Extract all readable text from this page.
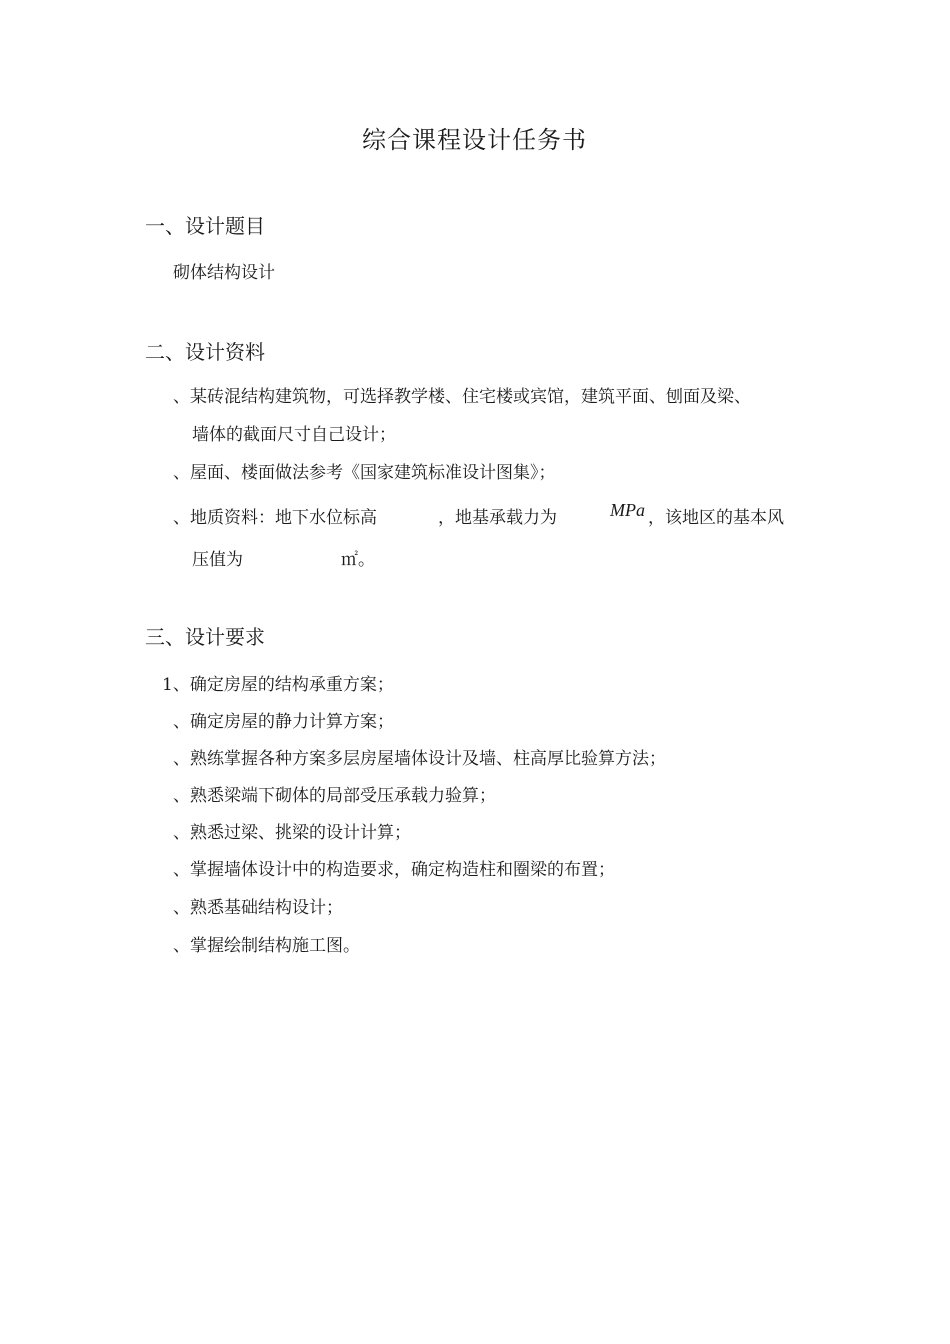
综合课程设计任务书
一、设计题目
砌体结构设计
二、设计资料
、某砖混结构建筑物，可选择教学楼、住宅楼或宾馆，建筑平面、刨面及梁、
墙体的截面尺寸自己设计；
、屋面、楼面做法参考《国家建筑标准设计图集》；
、地质资料：地下水位标高	，地基承载力为	MPa ，该地区的基本风
压值为	㎡。
三、设计要求
1、确定房屋的结构承重方案；
、确定房屋的静力计算方案；
、熟练掌握各种方案多层房屋墙体设计及墙、柱高厚比验算方法；
、熟悉梁端下砌体的局部受压承载力验算；
、熟悉过梁、挑梁的设计计算；
、掌握墙体设计中的构造要求，确定构造柱和圈梁的布置；
、熟悉基础结构设计；
、掌握绘制结构施工图。
